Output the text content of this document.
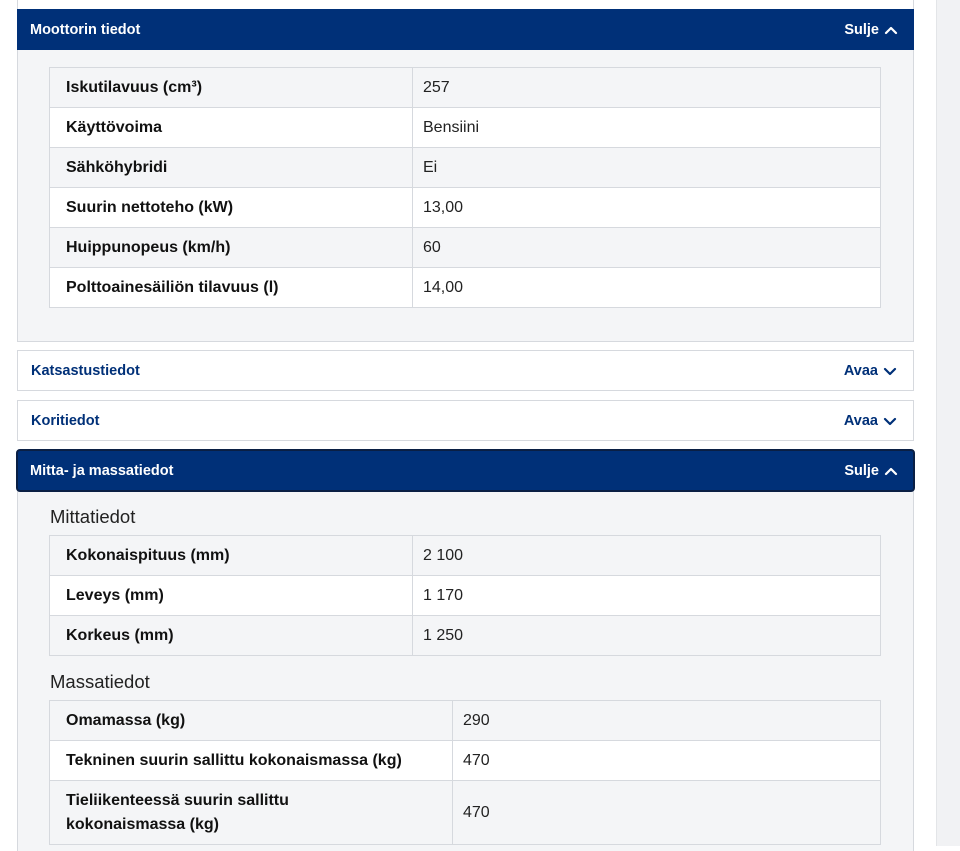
Moottorin tiedot	Sulje
Iskutilavuus (cm³)	257
Käyttövoima	Bensiini
Sähköhybridi	Ei
Suurin nettoteho (kW)	13,00
Huippunopeus (km/h)	60
Polttoainesäiliön tilavuus (l)	14,00
Katsastustiedot	Avaa
Koritiedot	Avaa
Mitta- ja massatiedot	Sulje
Mittatiedot
Kokonaispituus (mm)	2 100
Leveys (mm)	1 170
Korkeus (mm)	1 250
Massatiedot
Omamassa (kg)	290
Tekninen suurin sallittu kokonaismassa (kg)	470
Tieliikenteessä suurin sallittu kokonaismassa (kg)	470
